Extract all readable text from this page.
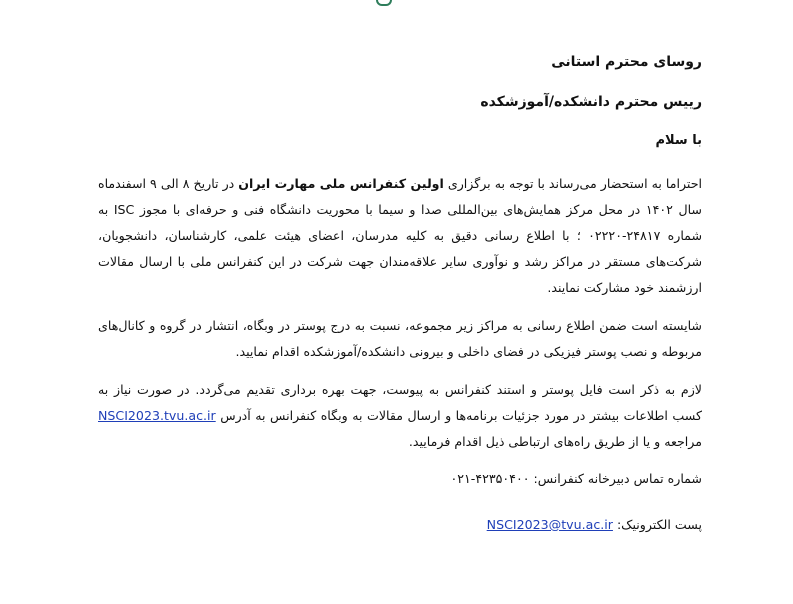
روسای محترم استانی

رییس محترم دانشکده/آموزشکده

با سلام

احتراما به استحضار می‌رساند با توجه به برگزاری اولین کنفرانس ملی مهارت ایران در تاریخ ۸ الی ۹ اسفندماه سال ۱۴۰۲ در محل مرکز همایش‌های بین‌المللی صدا و سیما با محوریت دانشگاه فنی و حرفه‌ای با مجوز ISC به شماره ۲۴۸۱۷-۰۲۲۲۰ ؛ با اطلاع رسانی دقیق به کلیه مدرسان، اعضای هیئت علمی، کارشناسان، دانشجویان، شرکت‌های مستقر در مراکز رشد و نوآوری سایر علاقه‌مندان جهت شرکت در این کنفرانس ملی با ارسال مقالات ارزشمند خود مشارکت نمایند.

شایسته است ضمن اطلاع رسانی به مراکز زیر مجموعه، نسبت به درج پوستر در وبگاه، انتشار در گروه و کانال‌های مربوطه و نصب پوستر فیزیکی در فضای داخلی و بیرونی دانشکده/آموزشکده اقدام نمایید.

لازم به ذکر است فایل پوستر و استند کنفرانس به پیوست، جهت بهره برداری تقدیم می‌گردد. در صورت نیاز به کسب اطلاعات بیشتر در مورد جزئیات برنامه‌ها و ارسال مقالات به وبگاه کنفرانس به آدرس NSCI2023.tvu.ac.ir مراجعه و یا از طریق راه‌های ارتباطی ذیل اقدام فرمایید.

شماره تماس دبیرخانه کنفرانس: ۰۲۱-۴۲۳۵۰۴۰۰
پست الکترونیک: NSCI2023@tvu.ac.ir
